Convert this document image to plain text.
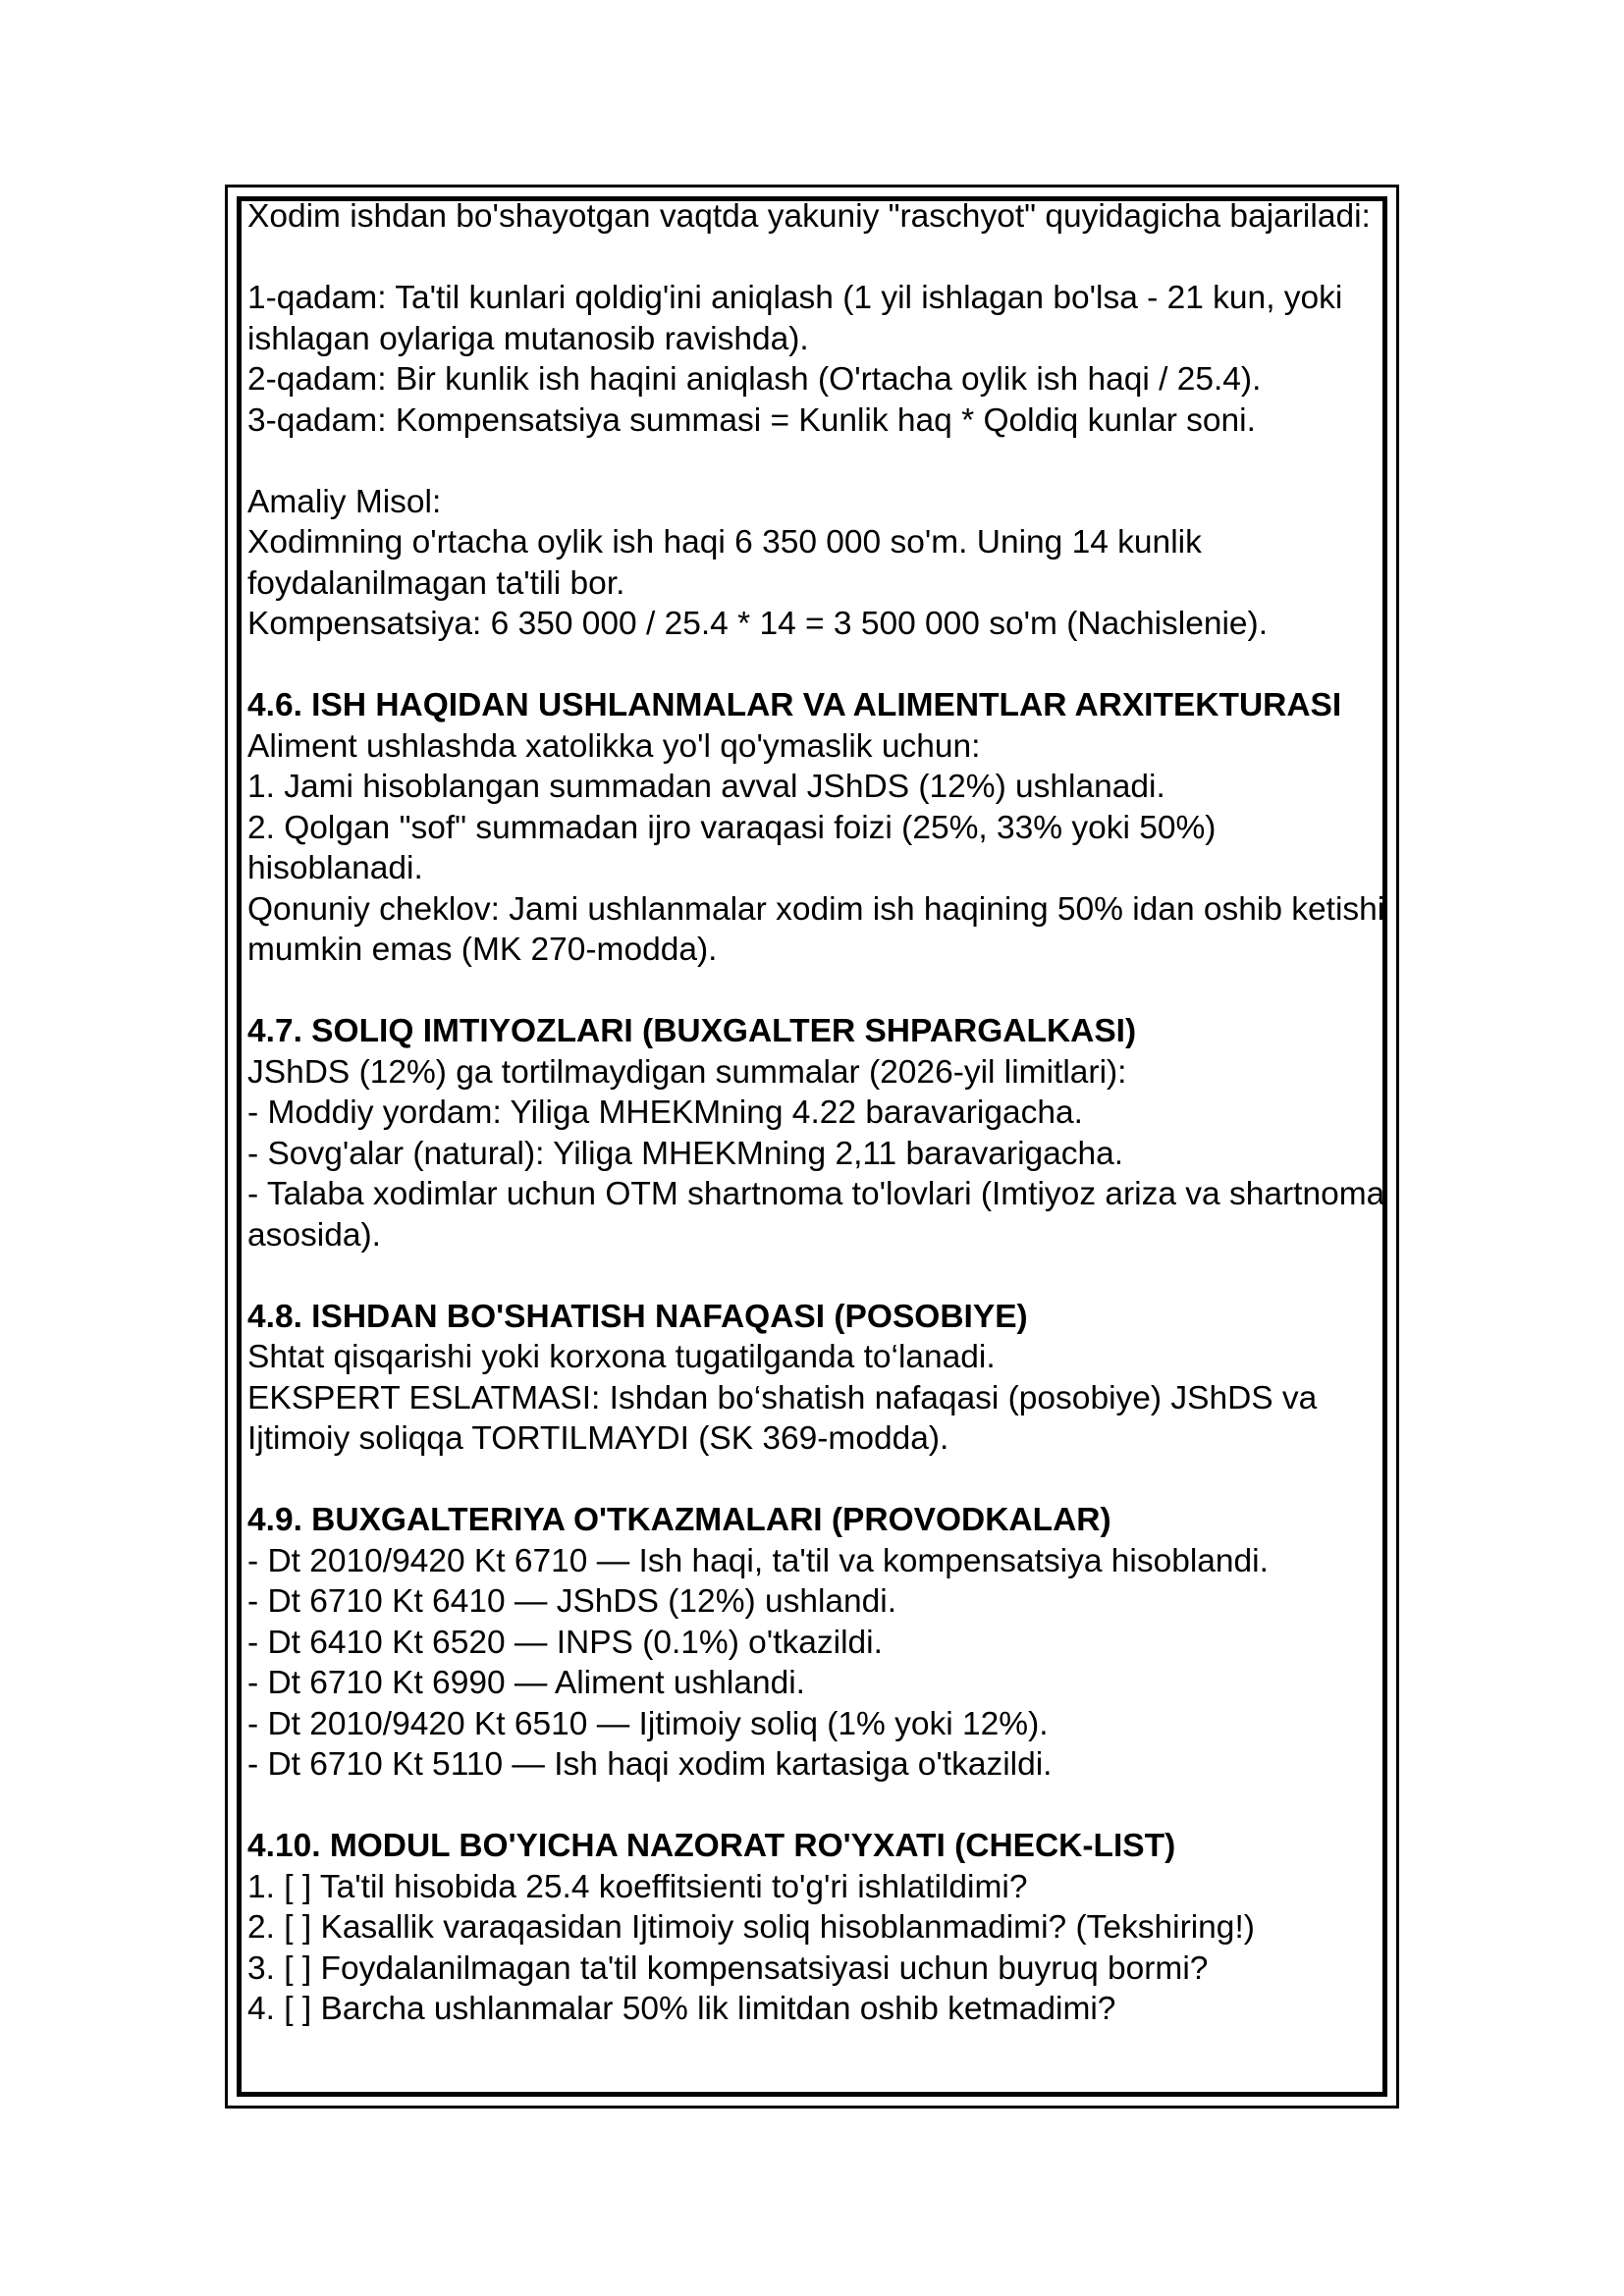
Xodim ishdan bo'shayotgan vaqtda yakuniy "raschyot" quyidagicha bajariladi:

1-qadam: Ta'til kunlari qoldig'ini aniqlash (1 yil ishlagan bo'lsa - 21 kun, yoki ishlagan oylariga mutanosib ravishda).

2-qadam: Bir kunlik ish haqini aniqlash (O'rtacha oylik ish haqi / 25.4).

3-qadam: Kompensatsiya summasi = Kunlik haq * Qoldiq kunlar soni.

Amaliy Misol:

Xodimning o'rtacha oylik ish haqi 6 350 000 so'm. Uning 14 kunlik foydalanilmagan ta'tili bor.

Kompensatsiya: 6 350 000 / 25.4 * 14 = 3 500 000 so'm (Nachislenie).

4.6. ISH HAQIDAN USHLANMALAR VA ALIMENTLAR ARXITEKTURASI

Aliment ushlashda xatolikka yo'l qo'ymaslik uchun:

1. Jami hisoblangan summadan avval JShDS (12%) ushlanadi.

2. Qolgan "sof" summadan ijro varaqasi foizi (25%, 33% yoki 50%) hisoblanadi.

Qonuniy cheklov: Jami ushlanmalar xodim ish haqining 50% idan oshib ketishi mumkin emas (MK 270-modda).

4.7. SOLIQ IMTIYOZLARI (BUXGALTER SHPARGALKASI)

JShDS (12%) ga tortilmaydigan summalar (2026-yil limitlari):

- Moddiy yordam: Yiliga MHEKMning 4.22 baravarigacha.

- Sovg'alar (natural): Yiliga MHEKMning 2,11 baravarigacha.

- Talaba xodimlar uchun OTM shartnoma to'lovlari (Imtiyoz ariza va shartnoma asosida).

4.8. ISHDAN BO'SHATISH NAFAQASI (POSOBIYE)

Shtat qisqarishi yoki korxona tugatilganda to‘lanadi.

EKSPERT ESLATMASI: Ishdan bo‘shatish nafaqasi (posobiye) JShDS va Ijtimoiy soliqqa TORTILMAYDI (SK 369-modda).

4.9. BUXGALTERIYA O'TKAZMALARI (PROVODKALAR)

- Dt 2010/9420 Kt 6710 — Ish haqi, ta'til va kompensatsiya hisoblandi.

- Dt 6710 Kt 6410 — JShDS (12%) ushlandi.

- Dt 6410 Kt 6520 — INPS (0.1%) o'tkazildi.

- Dt 6710 Kt 6990 — Aliment ushlandi.

- Dt 2010/9420 Kt 6510 — Ijtimoiy soliq (1% yoki 12%).

- Dt 6710 Kt 5110 — Ish haqi xodim kartasiga o'tkazildi.

4.10. MODUL BO'YICHA NAZORAT RO'YXATI (CHECK-LIST)

1. [ ] Ta'til hisobida 25.4 koeffitsienti to'g'ri ishlatildimi?

2. [ ] Kasallik varaqasidan Ijtimoiy soliq hisoblanmadimi? (Tekshiring!)

3. [ ] Foydalanilmagan ta'til kompensatsiyasi uchun buyruq bormi?

4. [ ] Barcha ushlanmalar 50% lik limitdan oshib ketmadimi?
